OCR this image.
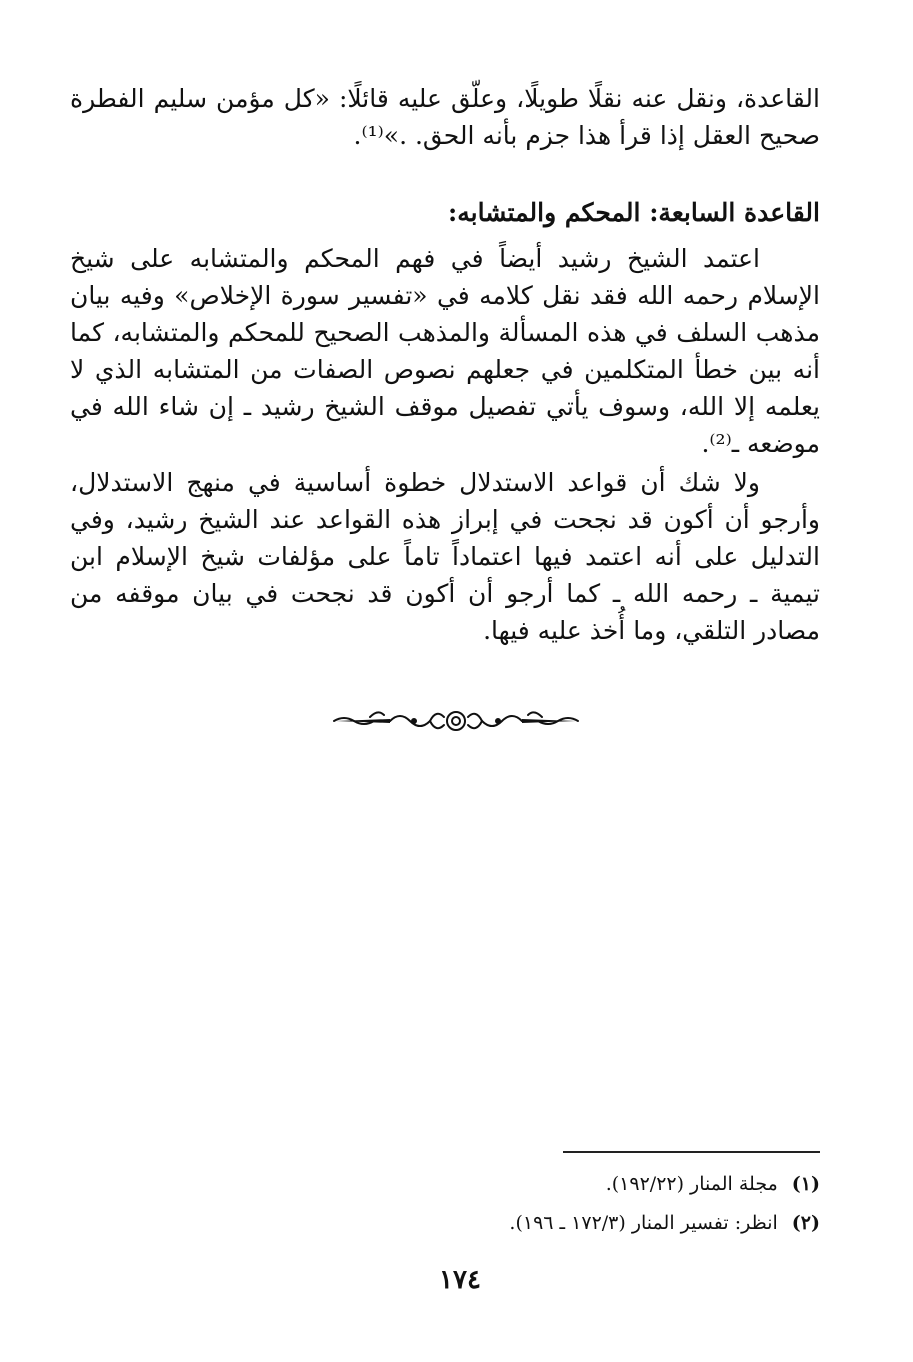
القاعدة، ونقل عنه نقلًا طويلًا، وعلّق عليه قائلًا: «كل مؤمن سليم الفطرة صحيح العقل إذا قرأ هذا جزم بأنه الحق. .»⁽¹⁾.

القاعدة السابعة: المحكم والمتشابه:

اعتمد الشيخ رشيد أيضاً في فهم المحكم والمتشابه على شيخ الإسلام رحمه الله فقد نقل كلامه في «تفسير سورة الإخلاص» وفيه بيان مذهب السلف في هذه المسألة والمذهب الصحيح للمحكم والمتشابه، كما أنه بين خطأ المتكلمين في جعلهم نصوص الصفات من المتشابه الذي لا يعلمه إلا الله، وسوف يأتي تفصيل موقف الشيخ رشيد ـ إن شاء الله في موضعه ـ⁽²⁾.

ولا شك أن قواعد الاستدلال خطوة أساسية في منهج الاستدلال، وأرجو أن أكون قد نجحت في إبراز هذه القواعد عند الشيخ رشيد، وفي التدليل على أنه اعتمد فيها اعتماداً تاماً على مؤلفات شيخ الإسلام ابن تيمية ـ رحمه الله ـ كما أرجو أن أكون قد نجحت في بيان موقفه من مصادر التلقي، وما أُخذ عليه فيها.

(١)مجلة المنار (١٩٢/٢٢).

(٢)انظر: تفسير المنار (١٧٢/٣ ـ ١٩٦).

١٧٤
